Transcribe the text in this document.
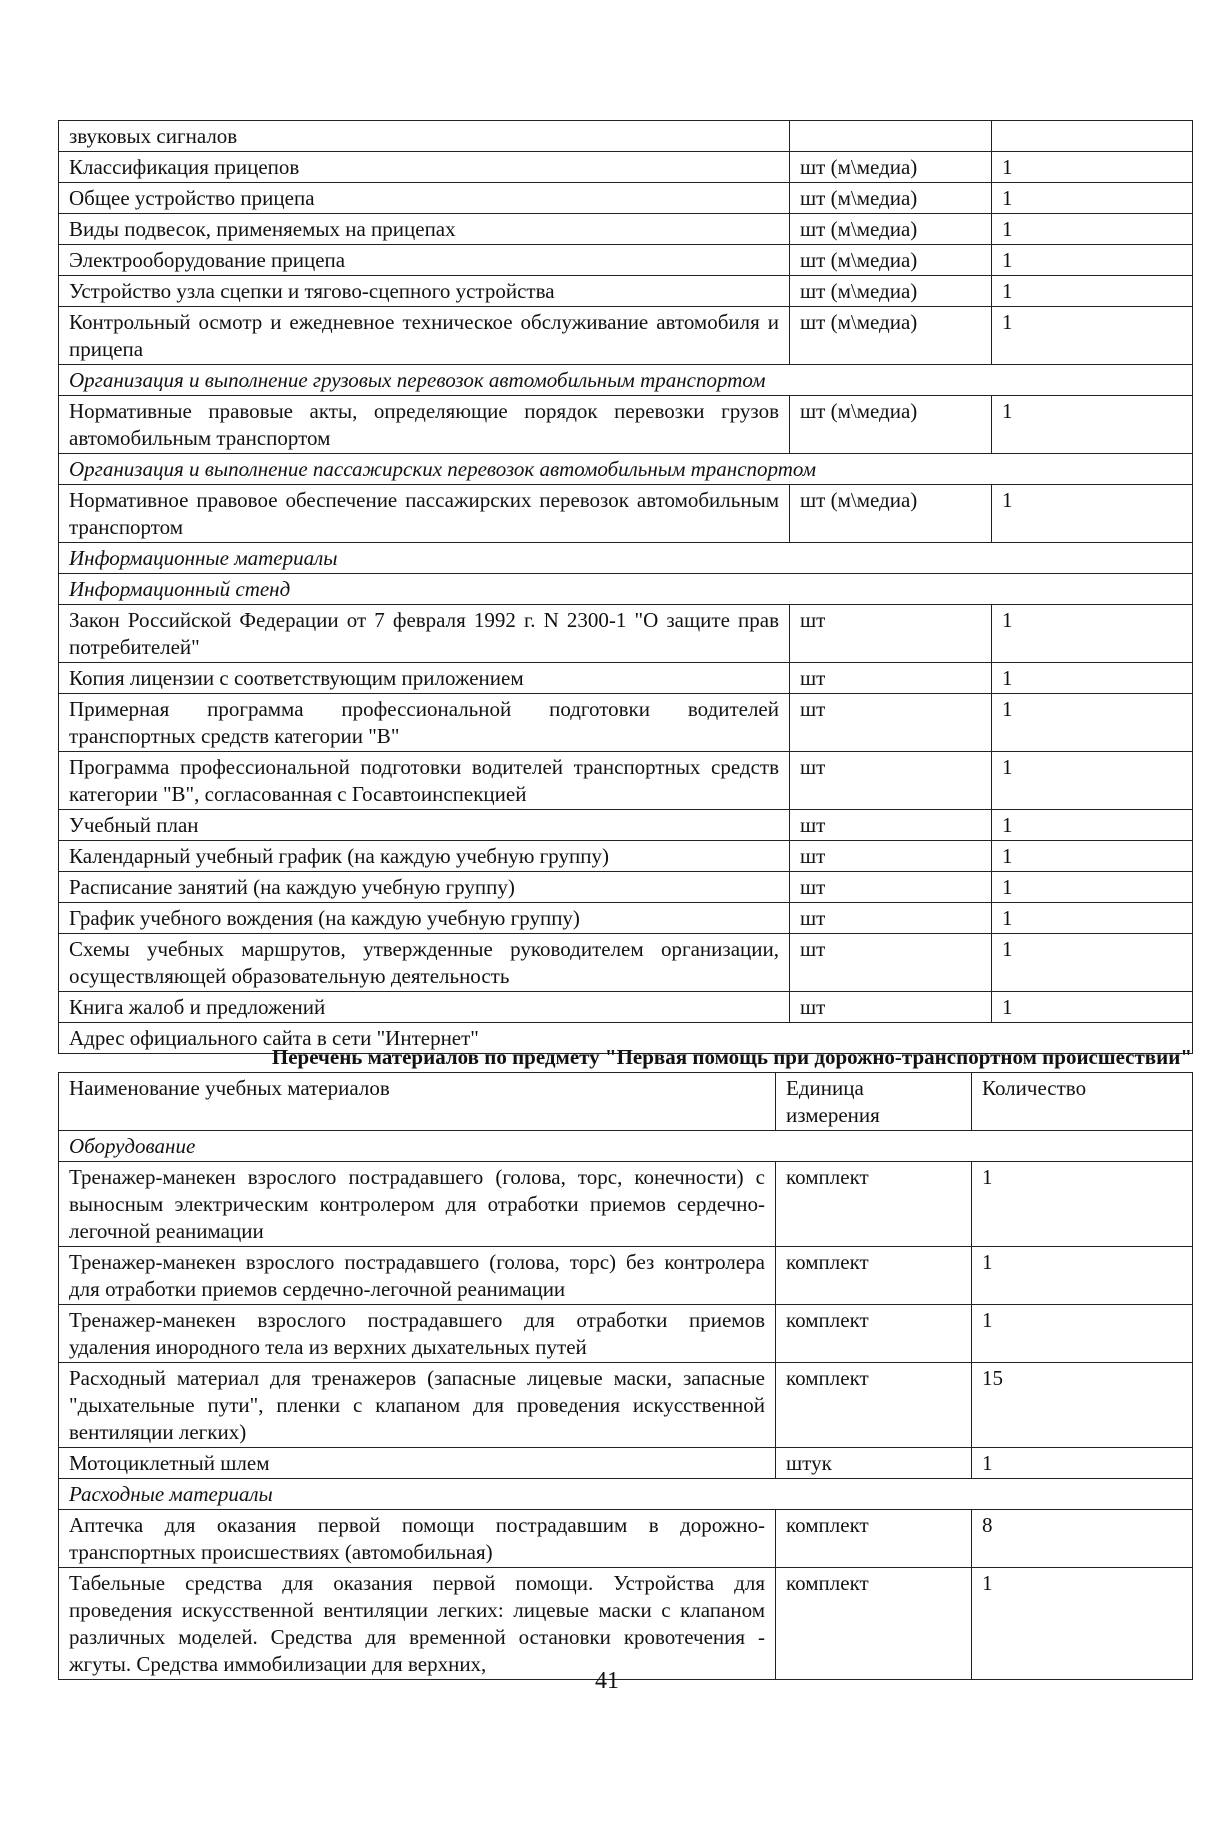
звуковых сигналов		
Классификация прицепов	шт (м\медиа)	1
Общее устройство прицепа	шт (м\медиа)	1
Виды подвесок, применяемых на прицепах	шт (м\медиа)	1
Электрооборудование прицепа	шт (м\медиа)	1
Устройство узла сцепки и тягово-сцепного устройства	шт (м\медиа)	1
Контрольный осмотр и ежедневное техническое обслуживание автомобиля и прицепа	шт (м\медиа)	1
Организация и выполнение грузовых перевозок автомобильным транспортом		
Нормативные правовые акты, определяющие порядок перевозки грузов автомобильным транспортом	шт (м\медиа)	1
Организация и выполнение пассажирских перевозок автомобильным транспортом		
Нормативное правовое обеспечение пассажирских перевозок автомобильным транспортом	шт (м\медиа)	1
Информационные материалы		
Информационный стенд		
Закон Российской Федерации от 7 февраля 1992 г. N 2300-1 "О защите прав потребителей"	шт	1
Копия лицензии с соответствующим приложением	шт	1
Примерная программа профессиональной подготовки водителей транспортных средств категории "B"	шт	1
Программа профессиональной подготовки водителей транспортных средств категории "B", согласованная с Госавтоинспекцией	шт	1
Учебный план	шт	1
Календарный учебный график (на каждую учебную группу)	шт	1
Расписание занятий (на каждую учебную группу)	шт	1
График учебного вождения (на каждую учебную группу)	шт	1
Схемы учебных маршрутов, утвержденные руководителем организации, осуществляющей образовательную деятельность	шт	1
Книга жалоб и предложений	шт	1
Адрес официального сайта в сети "Интернет"		
Перечень материалов по предмету "Первая помощь при дорожно-транспортном происшествии"
Наименование учебных материалов	Единица измерения	Количество
Оборудование		
Тренажер-манекен взрослого пострадавшего (голова, торс, конечности) с выносным электрическим контролером для отработки приемов сердечно-легочной реанимации	комплект	1
Тренажер-манекен взрослого пострадавшего (голова, торс) без контролера для отработки приемов сердечно-легочной реанимации	комплект	1
Тренажер-манекен взрослого пострадавшего для отработки приемов удаления инородного тела из верхних дыхательных путей	комплект	1
Расходный материал для тренажеров (запасные лицевые маски, запасные "дыхательные пути", пленки с клапаном для проведения искусственной вентиляции легких)	комплект	15
Мотоциклетный шлем	штук	1
Расходные материалы		
Аптечка для оказания первой помощи пострадавшим в дорожно-транспортных происшествиях (автомобильная)	комплект	8
Табельные средства для оказания первой помощи. Устройства для проведения искусственной вентиляции легких: лицевые маски с клапаном различных моделей. Средства для временной остановки кровотечения - жгуты. Средства иммобилизации для верхних,	комплект	1
41
